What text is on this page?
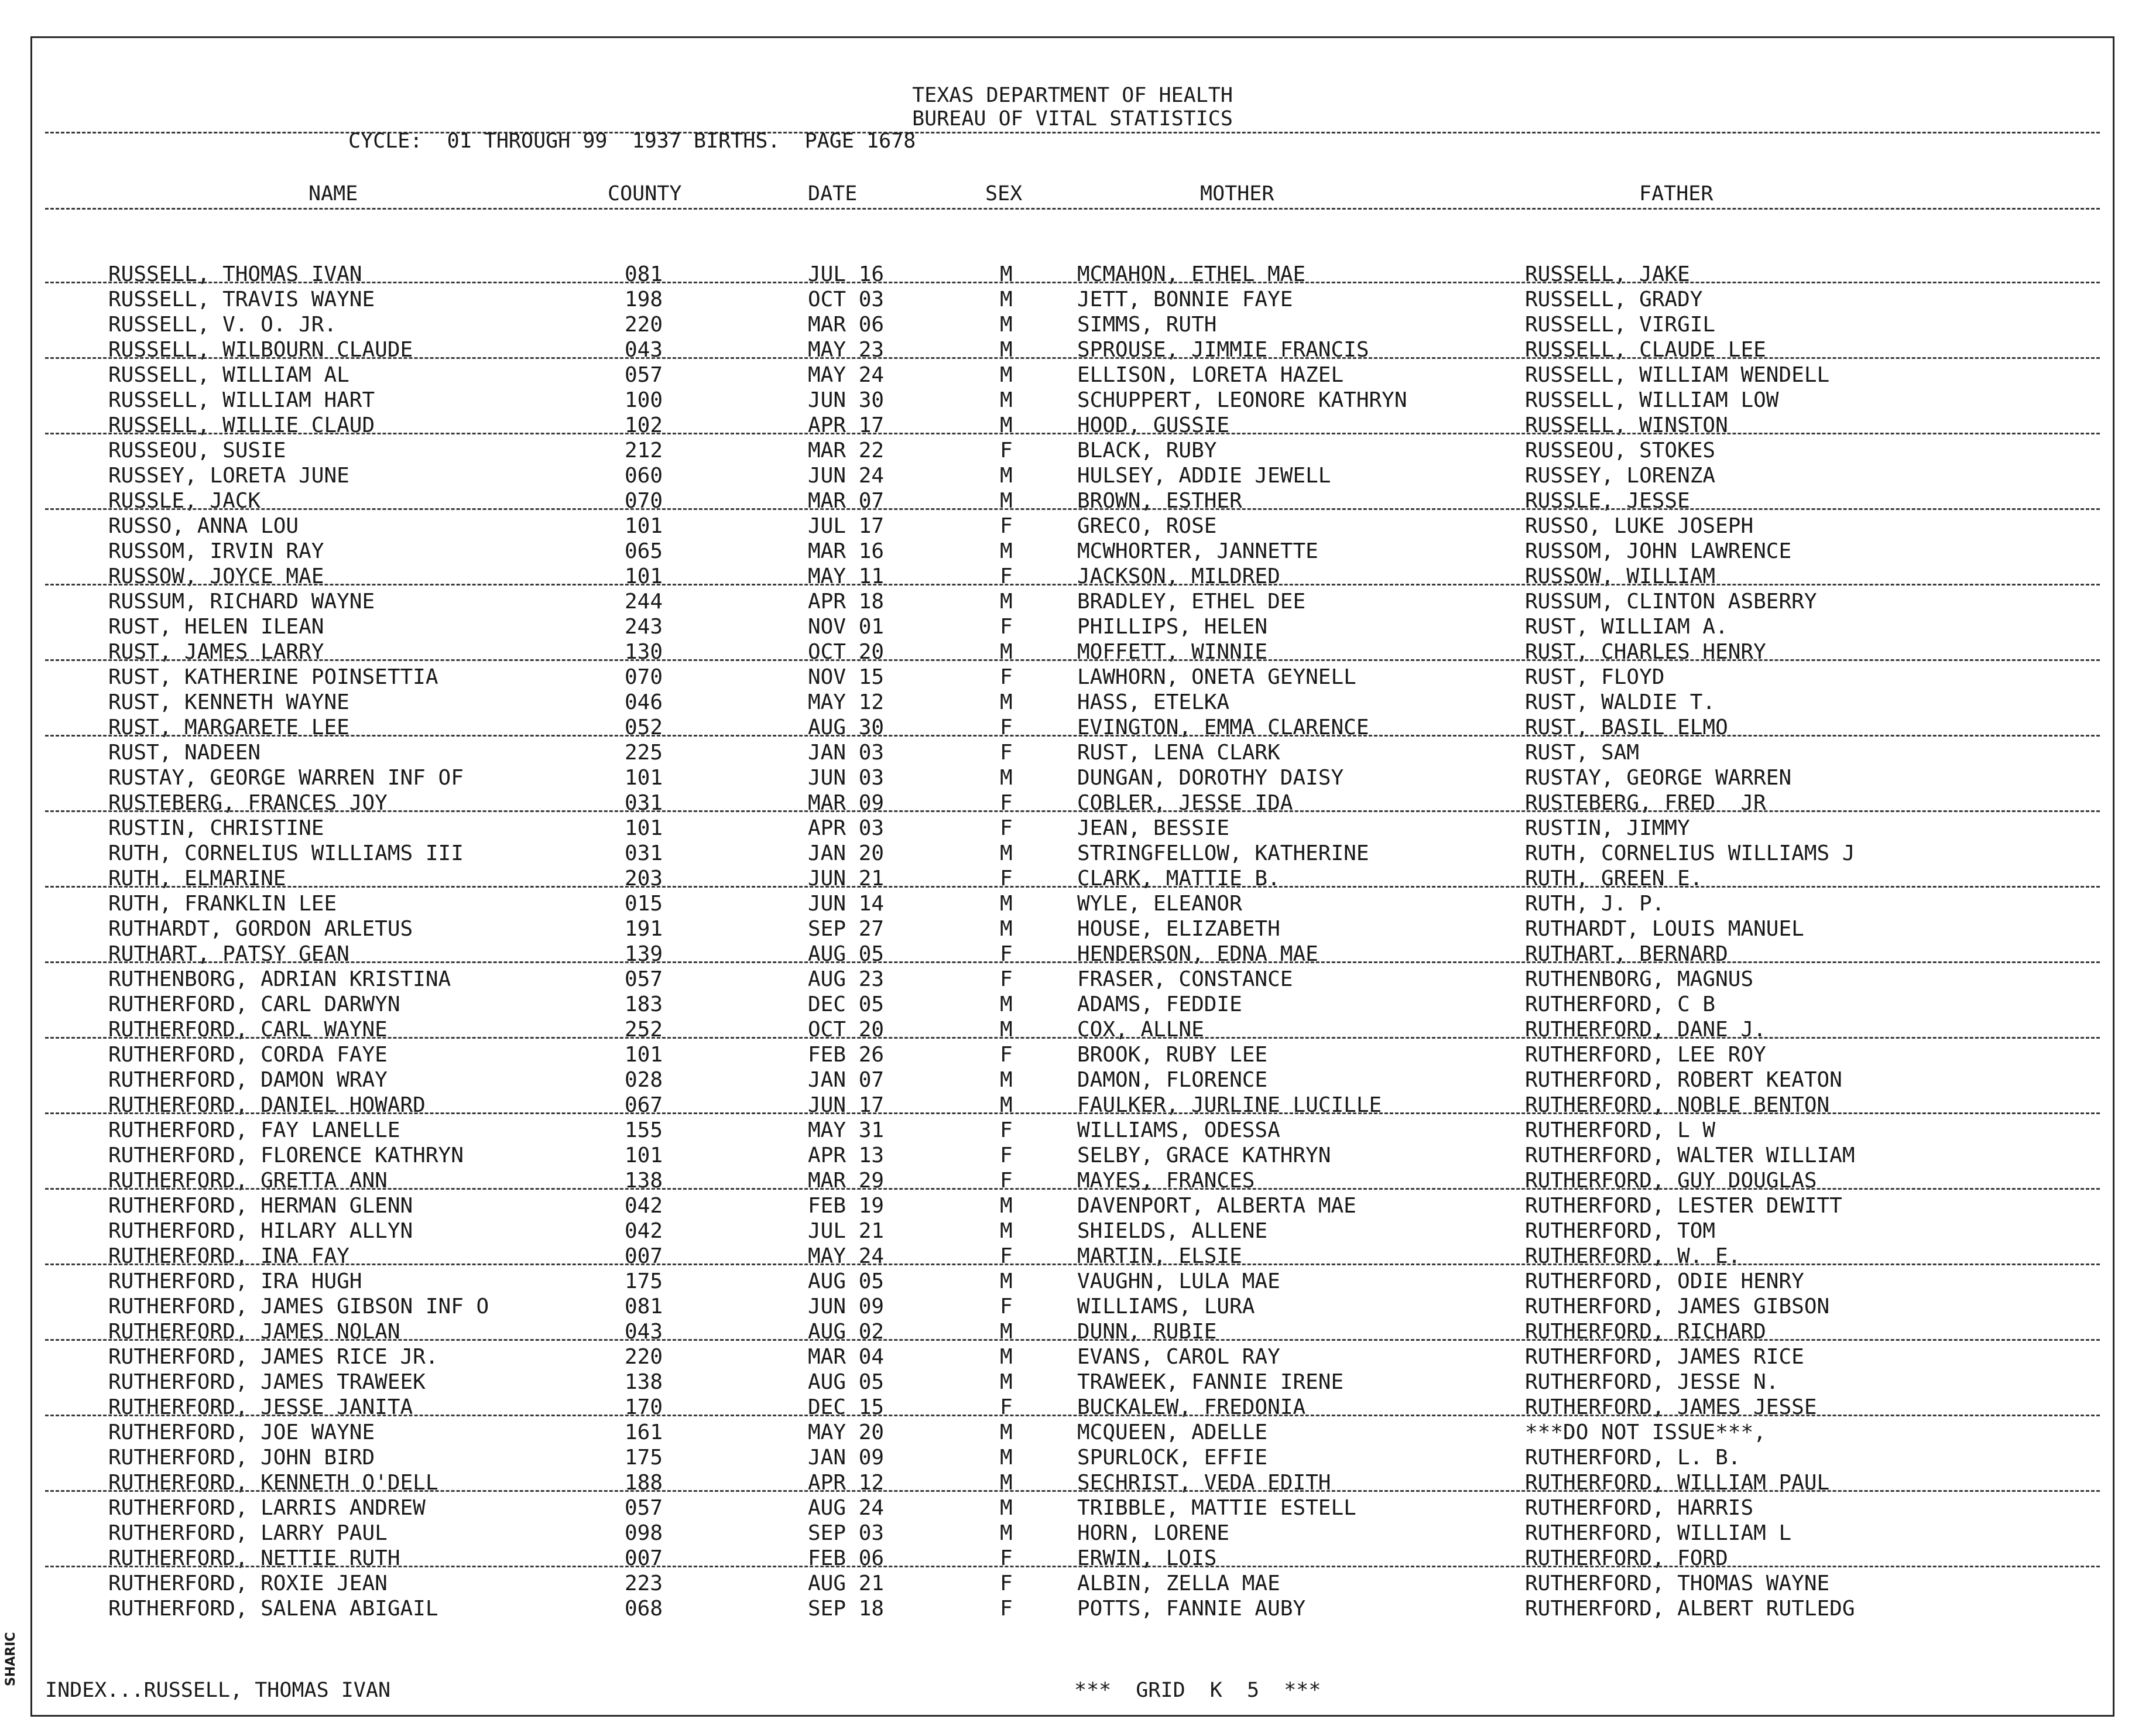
TEXAS DEPARTMENT OF HEALTH
BUREAU OF VITAL STATISTICS
CYCLE:  01 THROUGH 99  1937 BIRTHS.  PAGE 1678
NAME	COUNTY	DATE	SEX	MOTHER	FATHER
RUSSELL, THOMAS IVAN	081	JUL 16	M	MCMAHON, ETHEL MAE	RUSSELL, JAKE
RUSSELL, TRAVIS WAYNE	198	OCT 03	M	JETT, BONNIE FAYE	RUSSELL, GRADY
RUSSELL, V. O. JR.	220	MAR 06	M	SIMMS, RUTH	RUSSELL, VIRGIL
RUSSELL, WILBOURN CLAUDE	043	MAY 23	M	SPROUSE, JIMMIE FRANCIS	RUSSELL, CLAUDE LEE
RUSSELL, WILLIAM AL	057	MAY 24	M	ELLISON, LORETA HAZEL	RUSSELL, WILLIAM WENDELL
RUSSELL, WILLIAM HART	100	JUN 30	M	SCHUPPERT, LEONORE KATHRYN	RUSSELL, WILLIAM LOW
RUSSELL, WILLIE CLAUD	102	APR 17	M	HOOD, GUSSIE	RUSSELL, WINSTON
RUSSEOU, SUSIE	212	MAR 22	F	BLACK, RUBY	RUSSEOU, STOKES
RUSSEY, LORETA JUNE	060	JUN 24	M	HULSEY, ADDIE JEWELL	RUSSEY, LORENZA
RUSSLE, JACK	070	MAR 07	M	BROWN, ESTHER	RUSSLE, JESSE
RUSSO, ANNA LOU	101	JUL 17	F	GRECO, ROSE	RUSSO, LUKE JOSEPH
RUSSOM, IRVIN RAY	065	MAR 16	M	MCWHORTER, JANNETTE	RUSSOM, JOHN LAWRENCE
RUSSOW, JOYCE MAE	101	MAY 11	F	JACKSON, MILDRED	RUSSOW, WILLIAM
RUSSUM, RICHARD WAYNE	244	APR 18	M	BRADLEY, ETHEL DEE	RUSSUM, CLINTON ASBERRY
RUST, HELEN ILEAN	243	NOV 01	F	PHILLIPS, HELEN	RUST, WILLIAM A.
RUST, JAMES LARRY	130	OCT 20	M	MOFFETT, WINNIE	RUST, CHARLES HENRY
RUST, KATHERINE POINSETTIA	070	NOV 15	F	LAWHORN, ONETA GEYNELL	RUST, FLOYD
RUST, KENNETH WAYNE	046	MAY 12	M	HASS, ETELKA	RUST, WALDIE T.
RUST, MARGARETE LEE	052	AUG 30	F	EVINGTON, EMMA CLARENCE	RUST, BASIL ELMO
RUST, NADEEN	225	JAN 03	F	RUST, LENA CLARK	RUST, SAM
RUSTAY, GEORGE WARREN INF OF	101	JUN 03	M	DUNGAN, DOROTHY DAISY	RUSTAY, GEORGE WARREN
RUSTEBERG, FRANCES JOY	031	MAR 09	F	COBLER, JESSE IDA	RUSTEBERG, FRED  JR
RUSTIN, CHRISTINE	101	APR 03	F	JEAN, BESSIE	RUSTIN, JIMMY
RUTH, CORNELIUS WILLIAMS III	031	JAN 20	M	STRINGFELLOW, KATHERINE	RUTH, CORNELIUS WILLIAMS J
RUTH, ELMARINE	203	JUN 21	F	CLARK, MATTIE B.	RUTH, GREEN E.
RUTH, FRANKLIN LEE	015	JUN 14	M	WYLE, ELEANOR	RUTH, J. P.
RUTHARDT, GORDON ARLETUS	191	SEP 27	M	HOUSE, ELIZABETH	RUTHARDT, LOUIS MANUEL
RUTHART, PATSY GEAN	139	AUG 05	F	HENDERSON, EDNA MAE	RUTHART, BERNARD
RUTHENBORG, ADRIAN KRISTINA	057	AUG 23	F	FRASER, CONSTANCE	RUTHENBORG, MAGNUS
RUTHERFORD, CARL DARWYN	183	DEC 05	M	ADAMS, FEDDIE	RUTHERFORD, C B
RUTHERFORD, CARL WAYNE	252	OCT 20	M	COX, ALLNE	RUTHERFORD, DANE J.
RUTHERFORD, CORDA FAYE	101	FEB 26	F	BROOK, RUBY LEE	RUTHERFORD, LEE ROY
RUTHERFORD, DAMON WRAY	028	JAN 07	M	DAMON, FLORENCE	RUTHERFORD, ROBERT KEATON
RUTHERFORD, DANIEL HOWARD	067	JUN 17	M	FAULKER, JURLINE LUCILLE	RUTHERFORD, NOBLE BENTON
RUTHERFORD, FAY LANELLE	155	MAY 31	F	WILLIAMS, ODESSA	RUTHERFORD, L W
RUTHERFORD, FLORENCE KATHRYN	101	APR 13	F	SELBY, GRACE KATHRYN	RUTHERFORD, WALTER WILLIAM
RUTHERFORD, GRETTA ANN	138	MAR 29	F	MAYES, FRANCES	RUTHERFORD, GUY DOUGLAS
RUTHERFORD, HERMAN GLENN	042	FEB 19	M	DAVENPORT, ALBERTA MAE	RUTHERFORD, LESTER DEWITT
RUTHERFORD, HILARY ALLYN	042	JUL 21	M	SHIELDS, ALLENE	RUTHERFORD, TOM
RUTHERFORD, INA FAY	007	MAY 24	F	MARTIN, ELSIE	RUTHERFORD, W. E.
RUTHERFORD, IRA HUGH	175	AUG 05	M	VAUGHN, LULA MAE	RUTHERFORD, ODIE HENRY
RUTHERFORD, JAMES GIBSON INF O	081	JUN 09	F	WILLIAMS, LURA	RUTHERFORD, JAMES GIBSON
RUTHERFORD, JAMES NOLAN	043	AUG 02	M	DUNN, RUBIE	RUTHERFORD, RICHARD
RUTHERFORD, JAMES RICE JR.	220	MAR 04	M	EVANS, CAROL RAY	RUTHERFORD, JAMES RICE
RUTHERFORD, JAMES TRAWEEK	138	AUG 05	M	TRAWEEK, FANNIE IRENE	RUTHERFORD, JESSE N.
RUTHERFORD, JESSE JANITA	170	DEC 15	F	BUCKALEW, FREDONIA	RUTHERFORD, JAMES JESSE
RUTHERFORD, JOE WAYNE	161	MAY 20	M	MCQUEEN, ADELLE	***DO NOT ISSUE***,
RUTHERFORD, JOHN BIRD	175	JAN 09	M	SPURLOCK, EFFIE	RUTHERFORD, L. B.
RUTHERFORD, KENNETH O'DELL	188	APR 12	M	SECHRIST, VEDA EDITH	RUTHERFORD, WILLIAM PAUL
RUTHERFORD, LARRIS ANDREW	057	AUG 24	M	TRIBBLE, MATTIE ESTELL	RUTHERFORD, HARRIS
RUTHERFORD, LARRY PAUL	098	SEP 03	M	HORN, LORENE	RUTHERFORD, WILLIAM L
RUTHERFORD, NETTIE RUTH	007	FEB 06	F	ERWIN, LOIS	RUTHERFORD, FORD
RUTHERFORD, ROXIE JEAN	223	AUG 21	F	ALBIN, ZELLA MAE	RUTHERFORD, THOMAS WAYNE
RUTHERFORD, SALENA ABIGAIL	068	SEP 18	F	POTTS, FANNIE AUBY	RUTHERFORD, ALBERT RUTLEDG
INDEX...RUSSELL, THOMAS IVAN	***  GRID  K  5  ***
SHARIC
